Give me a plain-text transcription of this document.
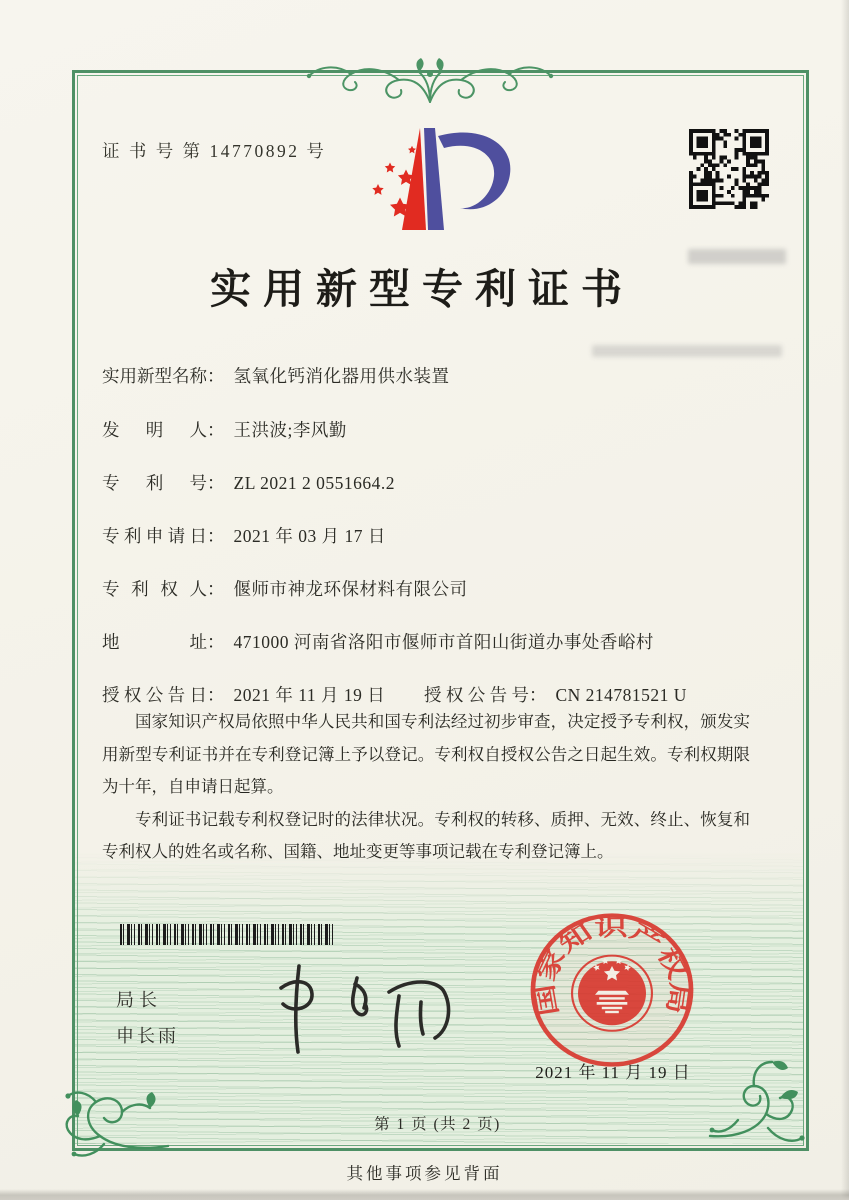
证 书 号 第 14770892 号
实用新型专利证书
实用新型名称： 氢氧化钙消化器用供水装置
发明人： 王洪波;李风勤
专利号： ZL 2021 2 0551664.2
专利申请日： 2021 年 03 月 17 日
专利权人： 偃师市神龙环保材料有限公司
地址： 471000 河南省洛阳市偃师市首阳山街道办事处香峪村
授权公告日： 2021 年 11 月 19 日 授权公告号： CN 214781521 U

国家知识产权局依照中华人民共和国专利法经过初步审查，决定授予专利权，颁发实用新型专利证书并在专利登记簿上予以登记。专利权自授权公告之日起生效。专利权期限为十年，自申请日起算。

专利证书记载专利权登记时的法律状况。专利权的转移、质押、无效、终止、恢复和专利权人的姓名或名称、国籍、地址变更等事项记载在专利登记簿上。

局长
申长雨
国家知识产权局
2021 年 11 月 19 日
第 1 页 (共 2 页)
其他事项参见背面
